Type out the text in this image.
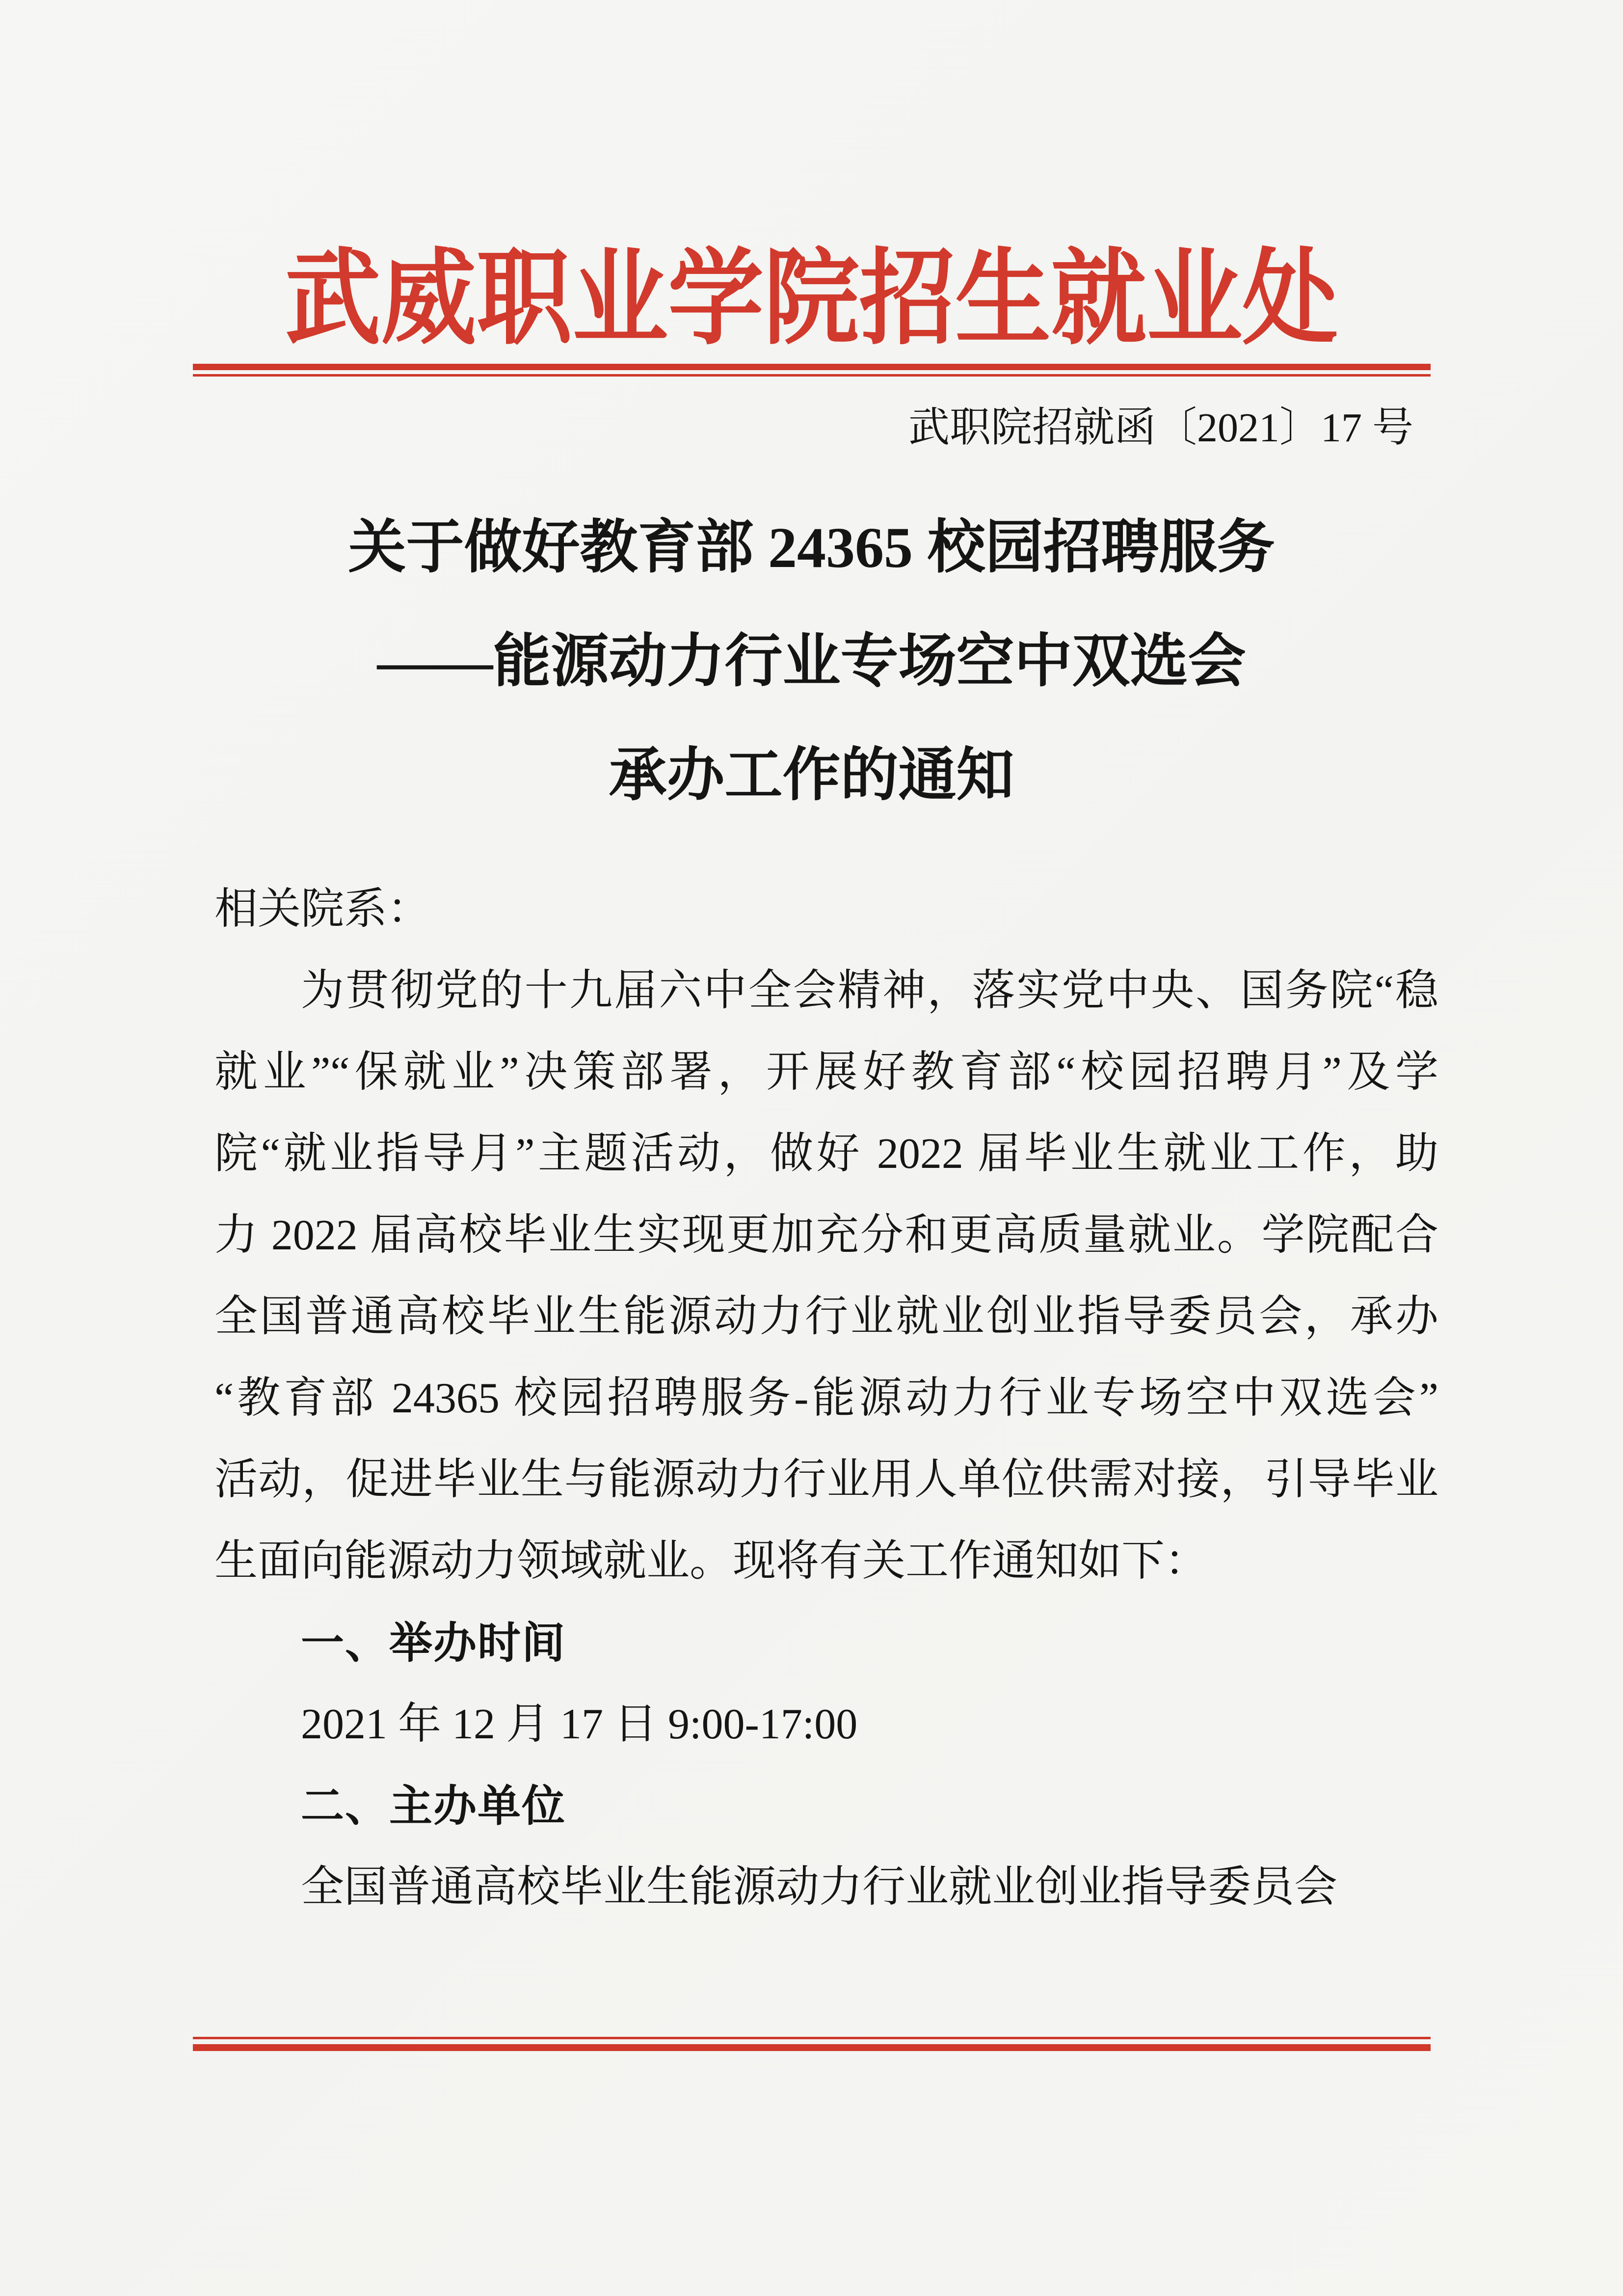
武威职业学院招生就业处
武职院招就函〔2021〕17 号
关于做好教育部 24365 校园招聘服务
——能源动力行业专场空中双选会
承办工作的通知
相关院系：
为贯彻党的十九届六中全会精神，落实党中央、国务院“稳
就业”“保就业”决策部署，开展好教育部“校园招聘月”及学
院“就业指导月”主题活动，做好 2022 届毕业生就业工作，助
力 2022 届高校毕业生实现更加充分和更高质量就业。学院配合
全国普通高校毕业生能源动力行业就业创业指导委员会，承办
“教育部 24365 校园招聘服务-能源动力行业专场空中双选会”
活动，促进毕业生与能源动力行业用人单位供需对接，引导毕业
生面向能源动力领域就业。现将有关工作通知如下：
一、举办时间
2021 年 12 月 17 日 9:00-17:00
二、主办单位
全国普通高校毕业生能源动力行业就业创业指导委员会
